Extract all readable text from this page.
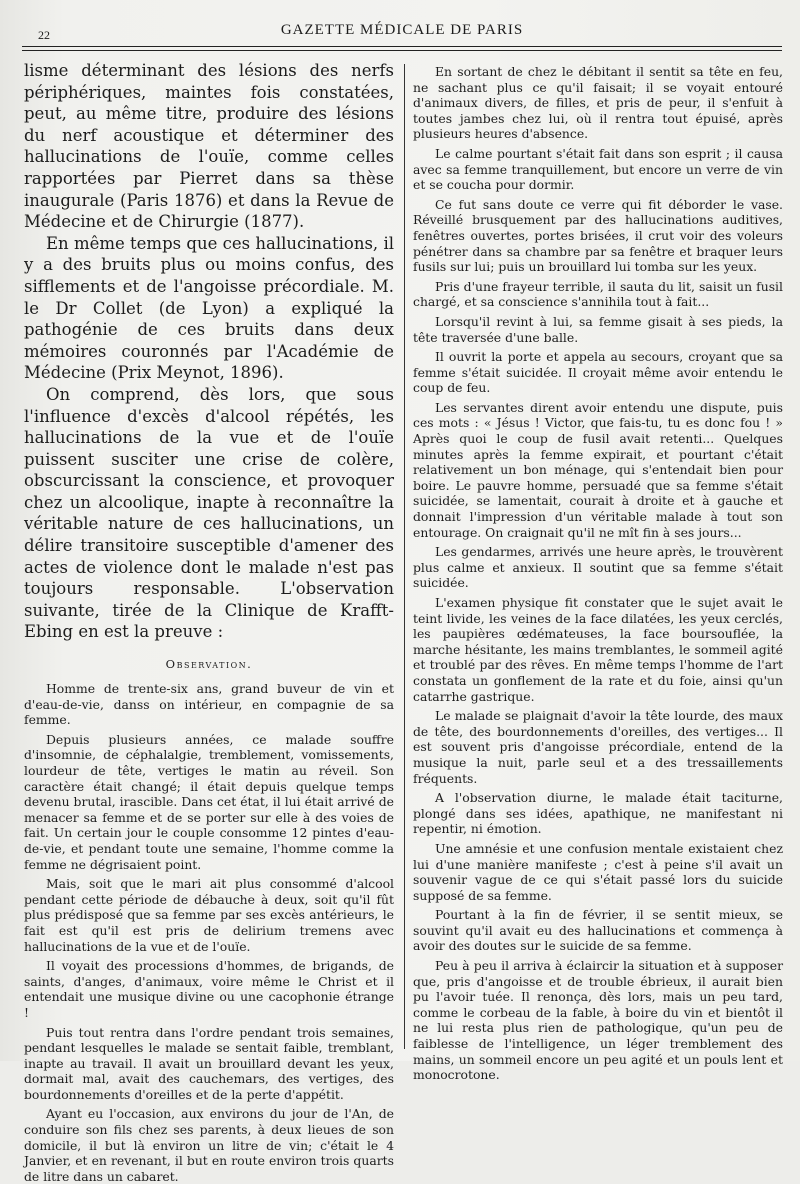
22	GAZETTE MÉDICALE DE PARIS

lisme déterminant des lésions des nerfs périphériques, maintes fois constatées, peut, au même titre, produire des lésions du nerf acoustique et déterminer des hallucinations de l'ouïe, comme celles rapportées par Pierret dans sa thèse inaugurale (Paris 1876) et dans la Revue de Médecine et de Chirurgie (1877).

En même temps que ces hallucinations, il y a des bruits plus ou moins confus, des sifflements et de l'angoisse précordiale. M. le Dr Collet (de Lyon) a expliqué la pathogénie de ces bruits dans deux mémoires couronnés par l'Académie de Médecine (Prix Meynot, 1896).

On comprend, dès lors, que sous l'influence d'excès d'alcool répétés, les hallucinations de la vue et de l'ouïe puissent susciter une crise de colère, obscurcissant la conscience, et provoquer chez un alcoolique, inapte à reconnaître la véritable nature de ces hallucinations, un délire transitoire susceptible d'amener des actes de violence dont le malade n'est pas toujours responsable. L'observation suivante, tirée de la Clinique de Krafft-Ebing en est la preuve :

Observation.

Homme de trente-six ans, grand buveur de vin et d'eau-de-vie, danss on intérieur, en compagnie de sa femme.

Depuis plusieurs années, ce malade souffre d'insomnie, de céphalalgie, tremblement, vomissements, lourdeur de tête, vertiges le matin au réveil. Son caractère était changé; il était depuis quelque temps devenu brutal, irascible. Dans cet état, il lui était arrivé de menacer sa femme et de se porter sur elle à des voies de fait. Un certain jour le couple consomme 12 pintes d'eau-de-vie, et pendant toute une semaine, l'homme comme la femme ne dégrisaient point.

Mais, soit que le mari ait plus consommé d'alcool pendant cette période de débauche à deux, soit qu'il fût plus prédisposé que sa femme par ses excès antérieurs, le fait est qu'il est pris de delirium tremens avec hallucinations de la vue et de l'ouïe.

Il voyait des processions d'hommes, de brigands, de saints, d'anges, d'animaux, voire même le Christ et il entendait une musique divine ou une cacophonie étrange !

Puis tout rentra dans l'ordre pendant trois semaines, pendant lesquelles le malade se sentait faible, tremblant, inapte au travail. Il avait un brouillard devant les yeux, dormait mal, avait des cauchemars, des vertiges, des bourdonnements d'oreilles et de la perte d'appétit.

Ayant eu l'occasion, aux environs du jour de l'An, de conduire son fils chez ses parents, à deux lieues de son domicile, il but là environ un litre de vin; c'était le 4 Janvier, et en revenant, il but en route environ trois quarts de litre dans un cabaret.

En sortant de chez le débitant il sentit sa tête en feu, ne sachant plus ce qu'il faisait; il se voyait entouré d'animaux divers, de filles, et pris de peur, il s'enfuit à toutes jambes chez lui, où il rentra tout épuisé, après plusieurs heures d'absence.

Le calme pourtant s'était fait dans son esprit ; il causa avec sa femme tranquillement, but encore un verre de vin et se coucha pour dormir.

Ce fut sans doute ce verre qui fit déborder le vase. Réveillé brusquement par des hallucinations auditives, fenêtres ouvertes, portes brisées, il crut voir des voleurs pénétrer dans sa chambre par sa fenêtre et braquer leurs fusils sur lui; puis un brouillard lui tomba sur les yeux.

Pris d'une frayeur terrible, il sauta du lit, saisit un fusil chargé, et sa conscience s'annihila tout à fait...

Lorsqu'il revint à lui, sa femme gisait à ses pieds, la tête traversée d'une balle.

Il ouvrit la porte et appela au secours, croyant que sa femme s'était suicidée. Il croyait même avoir entendu le coup de feu.

Les servantes dirent avoir entendu une dispute, puis ces mots : « Jésus ! Victor, que fais-tu, tu es donc fou ! » Après quoi le coup de fusil avait retenti... Quelques minutes après la femme expirait, et pourtant c'était relativement un bon ménage, qui s'entendait bien pour boire. Le pauvre homme, persuadé que sa femme s'était suicidée, se lamentait, courait à droite et à gauche et donnait l'impression d'un véritable malade à tout son entourage. On craignait qu'il ne mît fin à ses jours...

Les gendarmes, arrivés une heure après, le trouvèrent plus calme et anxieux. Il soutint que sa femme s'était suicidée.

L'examen physique fit constater que le sujet avait le teint livide, les veines de la face dilatées, les yeux cerclés, les paupières œdémateuses, la face boursouflée, la marche hésitante, les mains tremblantes, le sommeil agité et troublé par des rêves. En même temps l'homme de l'art constata un gonflement de la rate et du foie, ainsi qu'un catarrhe gastrique.

Le malade se plaignait d'avoir la tête lourde, des maux de tête, des bourdonnements d'oreilles, des vertiges... Il est souvent pris d'angoisse précordiale, entend de la musique la nuit, parle seul et a des tressaillements fréquents.

A l'observation diurne, le malade était taciturne, plongé dans ses idées, apathique, ne manifestant ni repentir, ni émotion.

Une amnésie et une confusion mentale existaient chez lui d'une manière manifeste ; c'est à peine s'il avait un souvenir vague de ce qui s'était passé lors du suicide supposé de sa femme.

Pourtant à la fin de février, il se sentit mieux, se souvint qu'il avait eu des hallucinations et commença à avoir des doutes sur le suicide de sa femme.

Peu à peu il arriva à éclaircir la situation et à supposer que, pris d'angoisse et de trouble ébrieux, il aurait bien pu l'avoir tuée. Il renonça, dès lors, mais un peu tard, comme le corbeau de la fable, à boire du vin et bientôt il ne lui resta plus rien de pathologique, qu'un peu de faiblesse de l'intelligence, un léger tremblement des mains, un sommeil encore un peu agité et un pouls lent et monocrotone.
